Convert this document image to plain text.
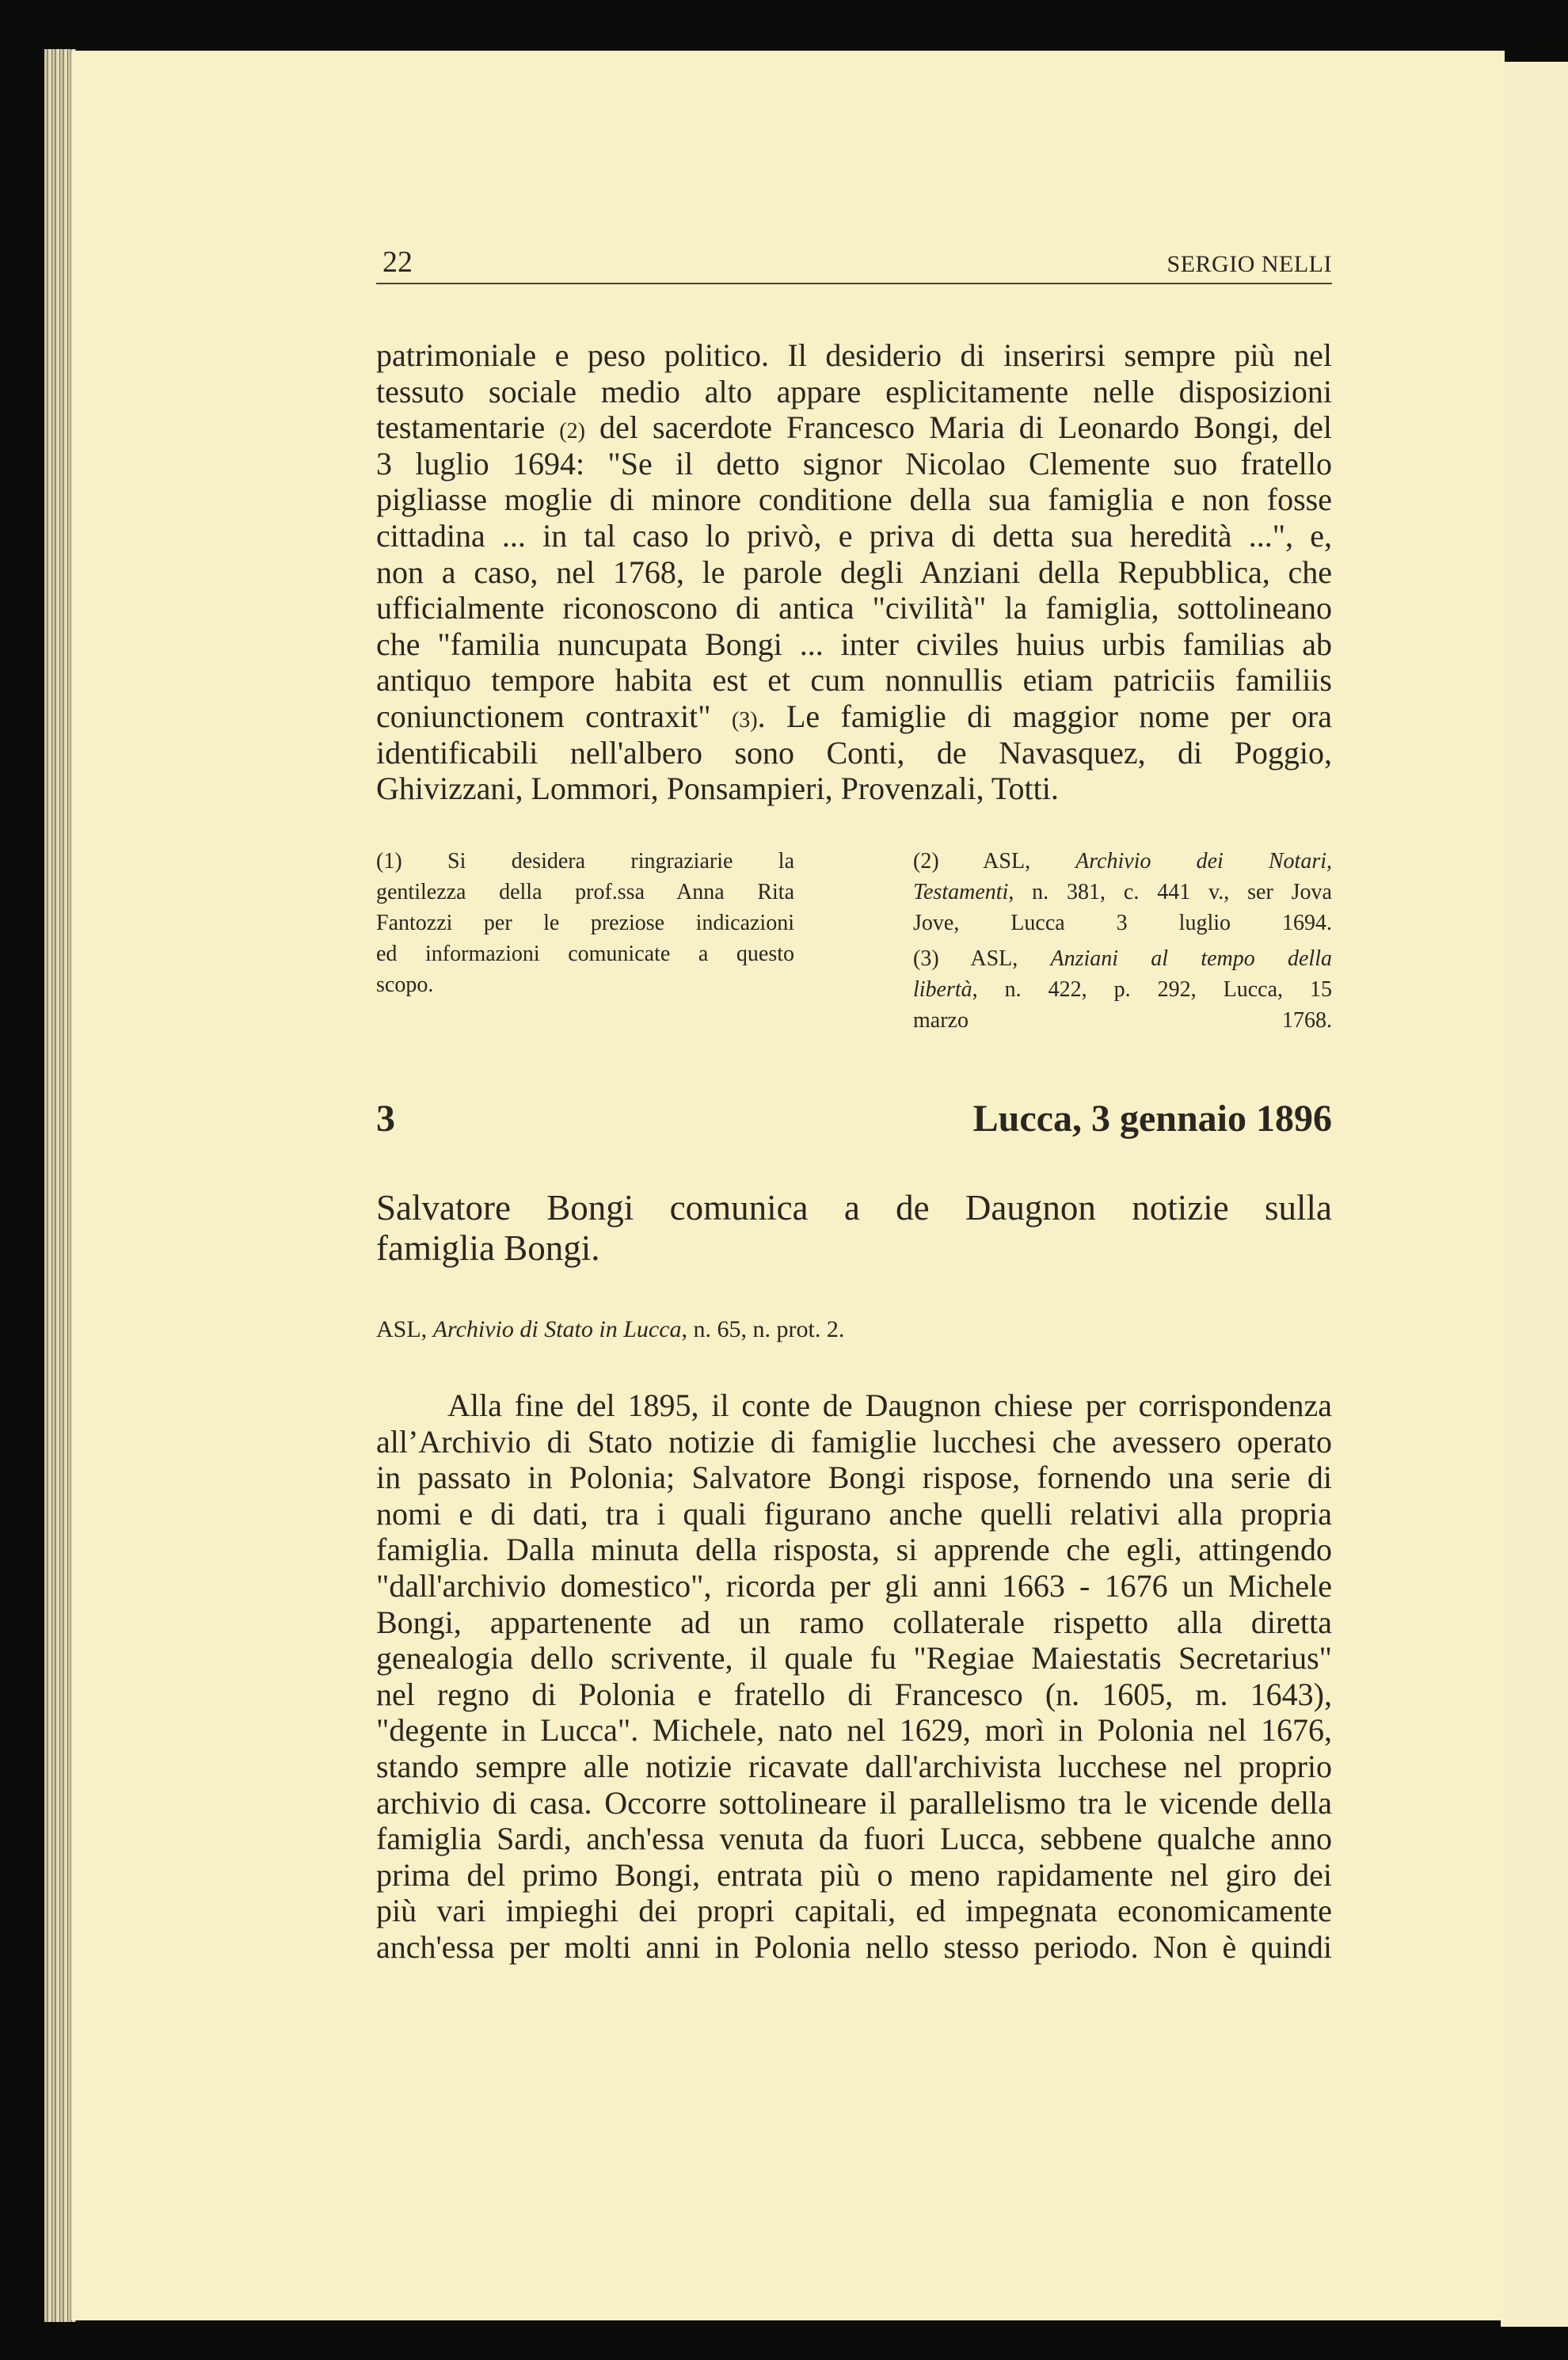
22	SERGIO NELLI
patrimoniale e peso politico. Il desiderio di inserirsi sempre più nel
tessuto sociale medio alto appare esplicitamente nelle disposizioni
testamentarie (2) del sacerdote Francesco Maria di Leonardo Bongi, del
3 luglio 1694: "Se il detto signor Nicolao Clemente suo fratello
pigliasse moglie di minore conditione della sua famiglia e non fosse
cittadina ... in tal caso lo privò, e priva di detta sua heredità ...", e,
non a caso, nel 1768, le parole degli Anziani della Repubblica, che
ufficialmente riconoscono di antica "civilità" la famiglia, sottolineano
che "familia nuncupata Bongi ... inter civiles huius urbis familias ab
antiquo tempore habita est et cum nonnullis etiam patriciis familiis
coniunctionem contraxit" (3). Le famiglie di maggior nome per ora
identificabili nell'albero sono Conti, de Navasquez, di Poggio,
Ghivizzani, Lommori, Ponsampieri, Provenzali, Totti.
(1) Si desidera ringraziarie la
gentilezza della prof.ssa Anna Rita
Fantozzi per le preziose indicazioni
ed informazioni comunicate a questo
scopo.
(2) ASL, Archivio dei Notari,
Testamenti, n. 381, c. 441 v., ser Jova
Jove, Lucca 3 luglio 1694.
(3) ASL, Anziani al tempo della
libertà, n. 422, p. 292, Lucca, 15
marzo 1768.
3	Lucca, 3 gennaio 1896
Salvatore Bongi comunica a de Daugnon notizie sulla
famiglia Bongi.
ASL, Archivio di Stato in Lucca, n. 65, n. prot. 2.
Alla fine del 1895, il conte de Daugnon chiese per corrispondenza
all’Archivio di Stato notizie di famiglie lucchesi che avessero operato
in passato in Polonia; Salvatore Bongi rispose, fornendo una serie di
nomi e di dati, tra i quali figurano anche quelli relativi alla propria
famiglia. Dalla minuta della risposta, si apprende che egli, attingendo
"dall'archivio domestico", ricorda per gli anni 1663 - 1676 un Michele
Bongi, appartenente ad un ramo collaterale rispetto alla diretta
genealogia dello scrivente, il quale fu "Regiae Maiestatis Secretarius"
nel regno di Polonia e fratello di Francesco (n. 1605, m. 1643),
"degente in Lucca". Michele, nato nel 1629, morì in Polonia nel 1676,
stando sempre alle notizie ricavate dall'archivista lucchese nel proprio
archivio di casa. Occorre sottolineare il parallelismo tra le vicende della
famiglia Sardi, anch'essa venuta da fuori Lucca, sebbene qualche anno
prima del primo Bongi, entrata più o meno rapidamente nel giro dei
più vari impieghi dei propri capitali, ed impegnata economicamente
anch'essa per molti anni in Polonia nello stesso periodo. Non è quindi
